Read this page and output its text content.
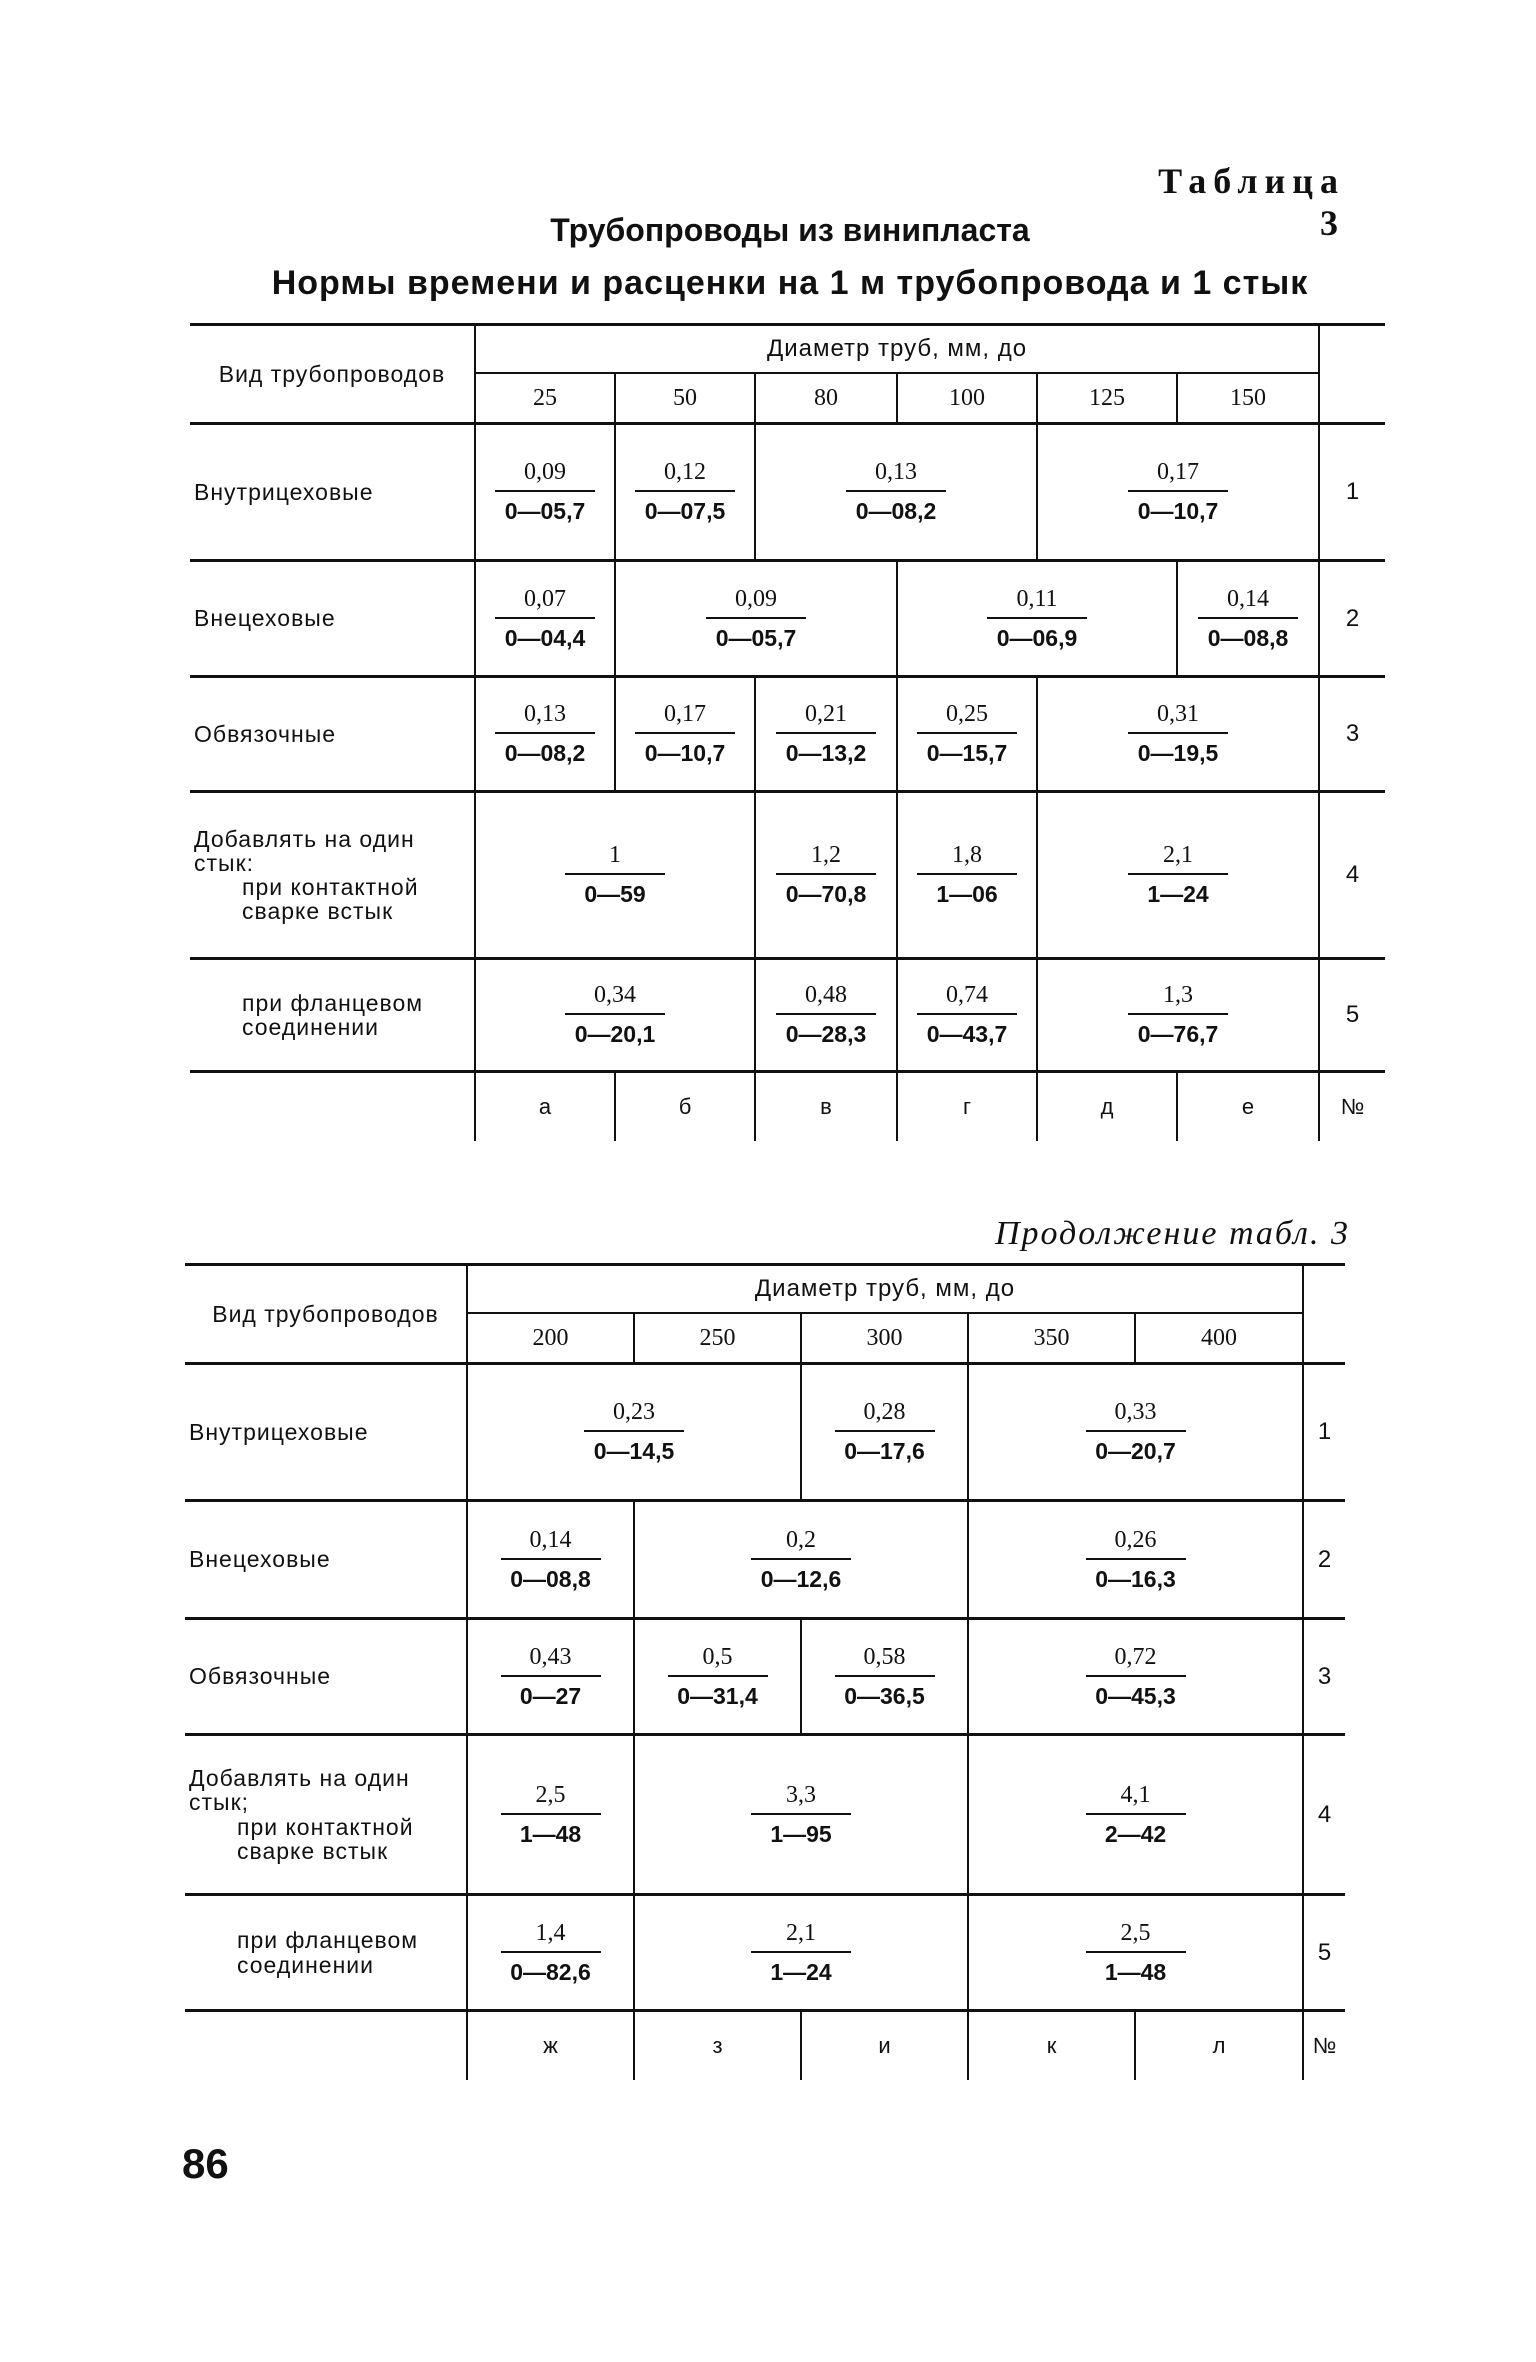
Таблица 3
Трубопроводы из винипласта
Нормы времени и расценки на 1 м трубопровода и 1 стык
Вид трубопроводов	Диаметр труб, мм, до						
	25	50	80	100	125	150	
Внутрицеховые	$\frac{0,09}{0—05,7}$	$\frac{0,12}{0—07,5}$	$\frac{0,13}{0—08,2}$		$\frac{0,17}{0—10,7}$		1
Внецеховые	$\frac{0,07}{0—04,4}$	$\frac{0,09}{0—05,7}$		$\frac{0,11}{0—06,9}$		$\frac{0,14}{0—08,8}$	2
Обвязочные	$\frac{0,13}{0—08,2}$	$\frac{0,17}{0—10,7}$	$\frac{0,21}{0—13,2}$	$\frac{0,25}{0—15,7}$	$\frac{0,31}{0—19,5}$		3
Добавлять на один стык:
при контактной сварке встык	$\frac{1}{0—59}$		$\frac{1,2}{0—70,8}$	$\frac{1,8}{1—06}$	$\frac{2,1}{1—24}$		4

при фланцевом соединении	$\frac{0,34}{0—20,1}$		$\frac{0,48}{0—28,3}$	$\frac{0,74}{0—43,7}$	$\frac{1,3}{0—76,7}$		5
	а	б	в	г	д	е	№
Продолжение табл. 3
Вид трубопроводов	Диаметр труб, мм, до					
	200	250	300	350	400	
Внутрицеховые	$\frac{0,23}{0—14,5}$		$\frac{0,28}{0—17,6}$	$\frac{0,33}{0—20,7}$		1
Внецеховые	$\frac{0,14}{0—08,8}$	$\frac{0,2}{0—12,6}$		$\frac{0,26}{0—16,3}$		2
Обвязочные	$\frac{0,43}{0—27}$	$\frac{0,5}{0—31,4}$	$\frac{0,58}{0—36,5}$	$\frac{0,72}{0—45,3}$		3
Добавлять на один стык;
при контактной сварке встык	$\frac{2,5}{1—48}$	$\frac{3,3}{1—95}$		$\frac{4,1}{2—42}$		4

при фланцевом соединении	$\frac{1,4}{0—82,6}$	$\frac{2,1}{1—24}$		$\frac{2,5}{1—48}$		5
	ж	з	и	к	л	№
86
